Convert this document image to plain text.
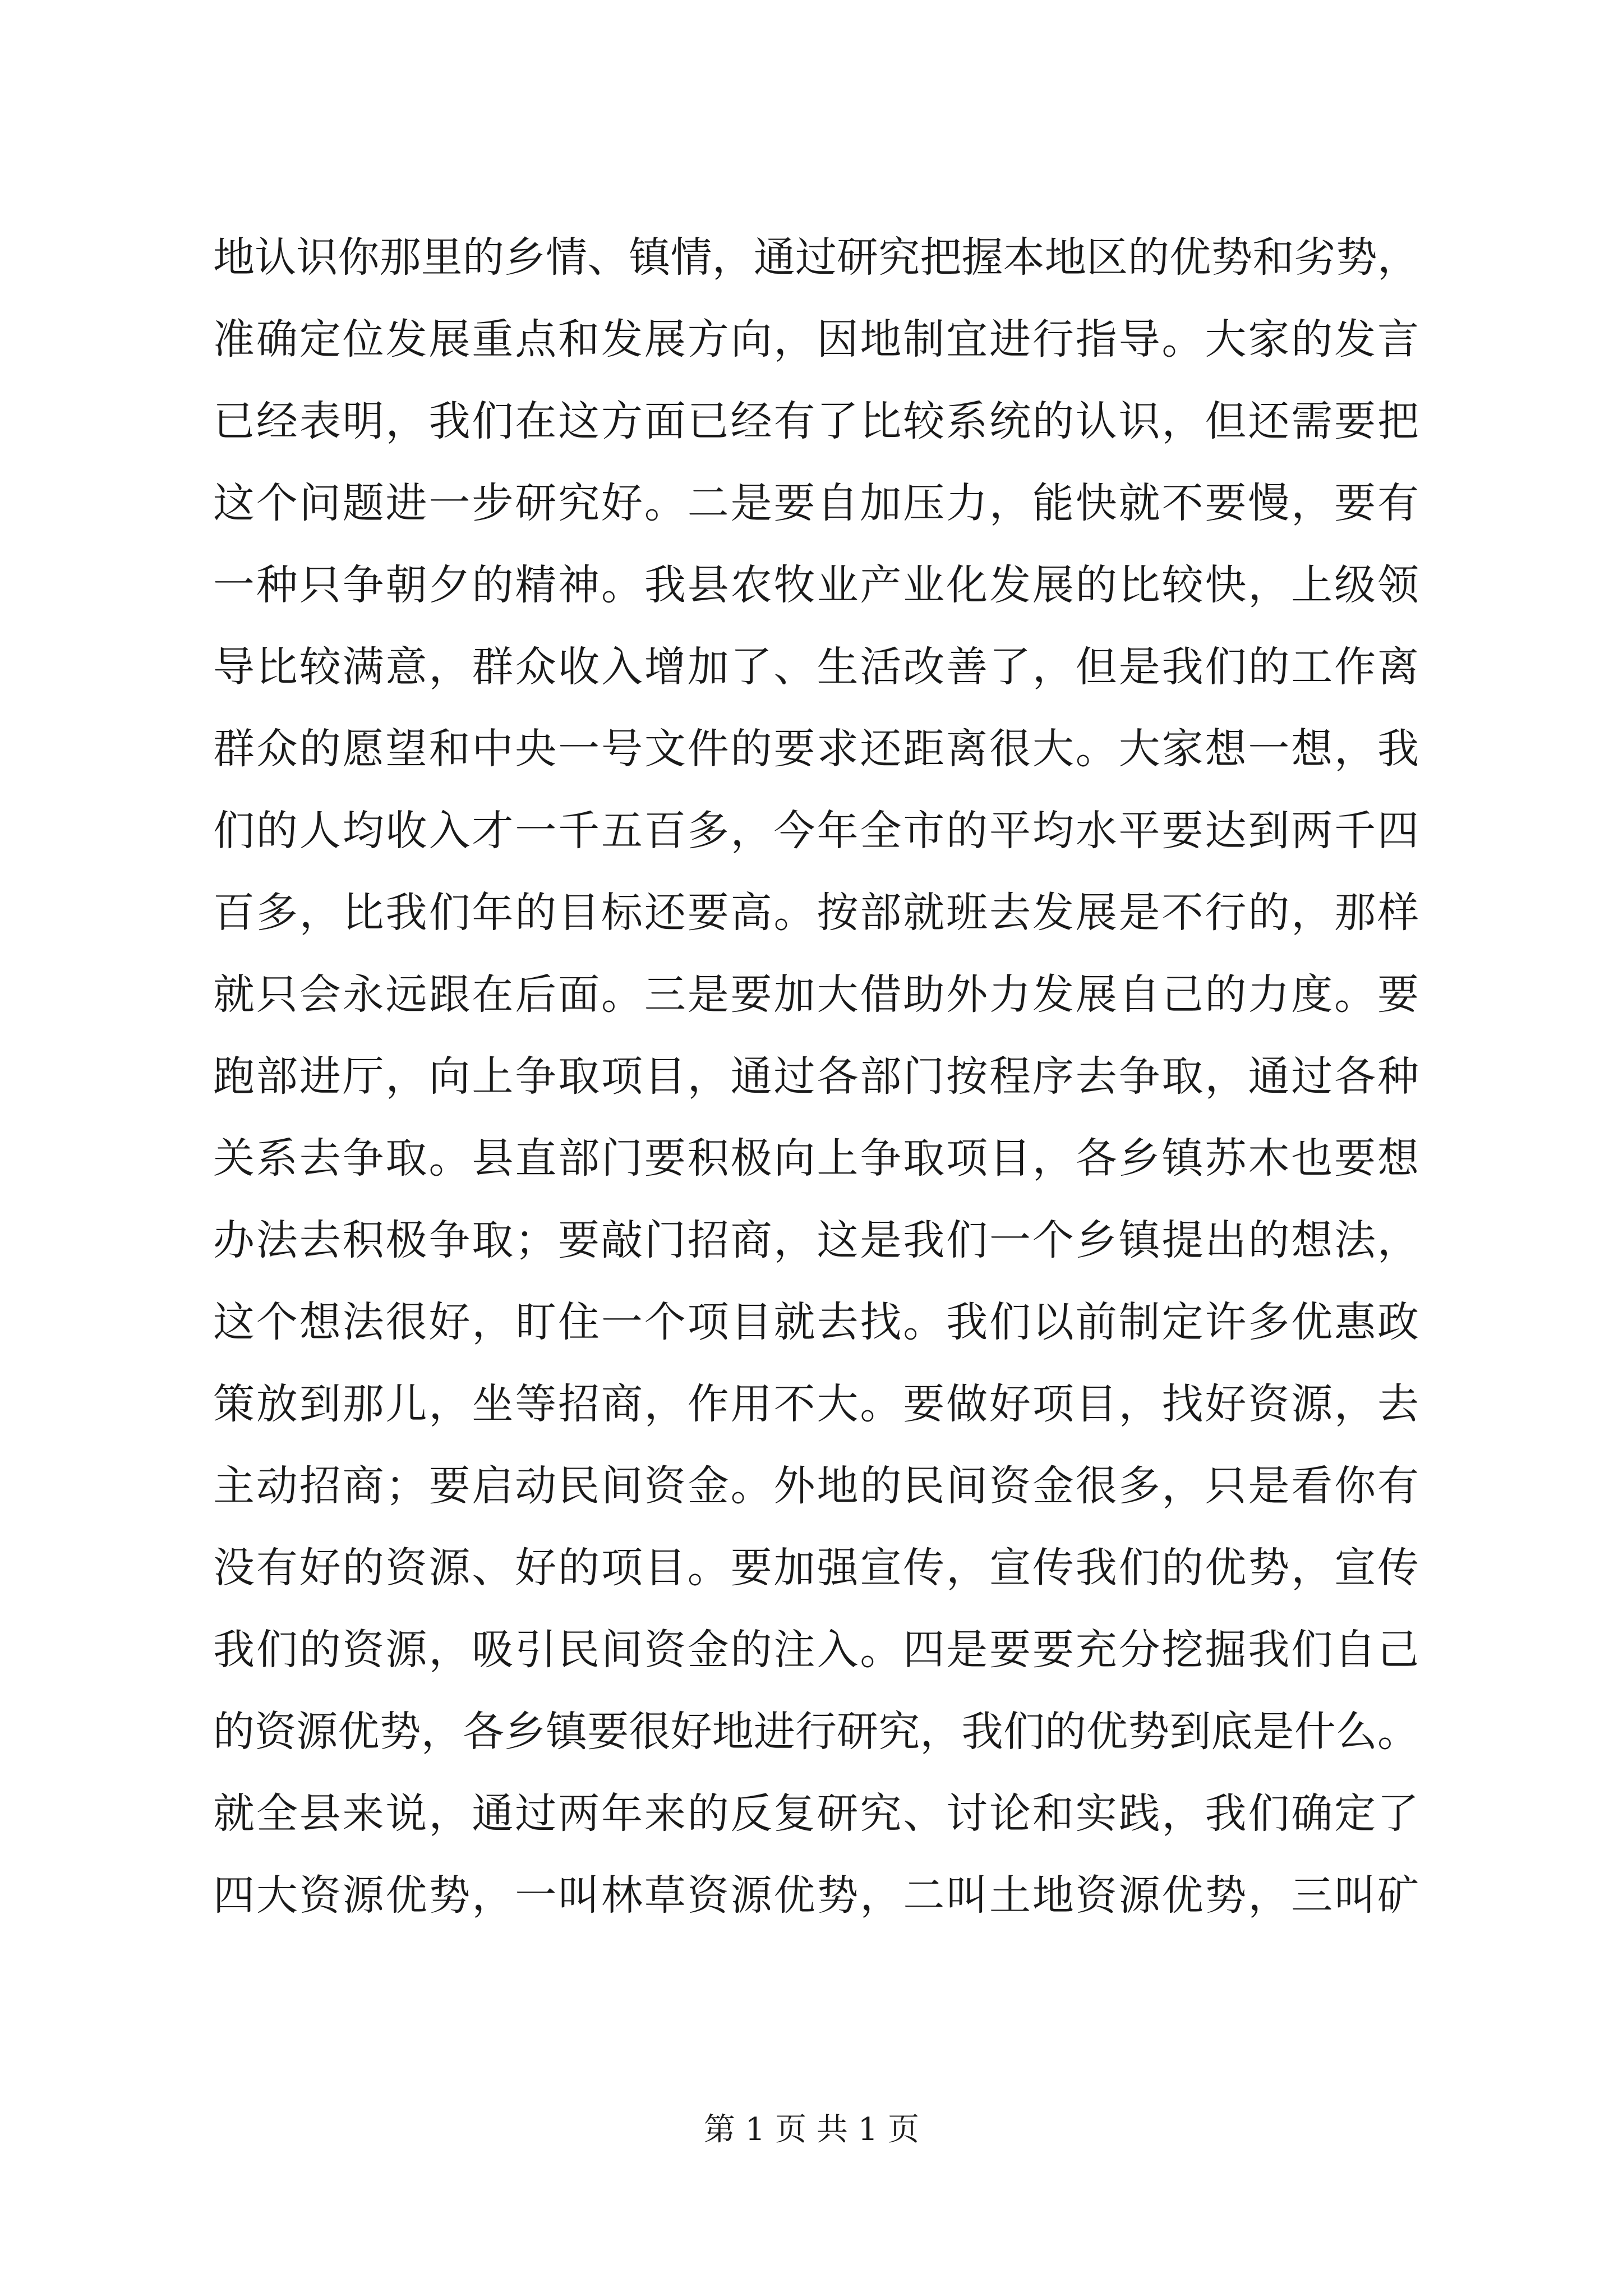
地认识你那里的乡情、镇情，通过研究把握本地区的优势和劣势，
准确定位发展重点和发展方向，因地制宜进行指导。大家的发言
已经表明，我们在这方面已经有了比较系统的认识，但还需要把
这个问题进一步研究好。二是要自加压力，能快就不要慢，要有
一种只争朝夕的精神。我县农牧业产业化发展的比较快，上级领
导比较满意，群众收入增加了、生活改善了，但是我们的工作离
群众的愿望和中央一号文件的要求还距离很大。大家想一想，我
们的人均收入才一千五百多，今年全市的平均水平要达到两千四
百多，比我们年的目标还要高。按部就班去发展是不行的，那样
就只会永远跟在后面。三是要加大借助外力发展自己的力度。要
跑部进厅，向上争取项目，通过各部门按程序去争取，通过各种
关系去争取。县直部门要积极向上争取项目，各乡镇苏木也要想
办法去积极争取；要敲门招商，这是我们一个乡镇提出的想法，
这个想法很好，盯住一个项目就去找。我们以前制定许多优惠政
策放到那儿，坐等招商，作用不大。要做好项目，找好资源，去
主动招商；要启动民间资金。外地的民间资金很多，只是看你有
没有好的资源、好的项目。要加强宣传，宣传我们的优势，宣传
我们的资源，吸引民间资金的注入。四是要要充分挖掘我们自己
的资源优势，各乡镇要很好地进行研究，我们的优势到底是什么。
就全县来说，通过两年来的反复研究、讨论和实践，我们确定了
四大资源优势，一叫林草资源优势，二叫土地资源优势，三叫矿
第 1 页 共 1 页
